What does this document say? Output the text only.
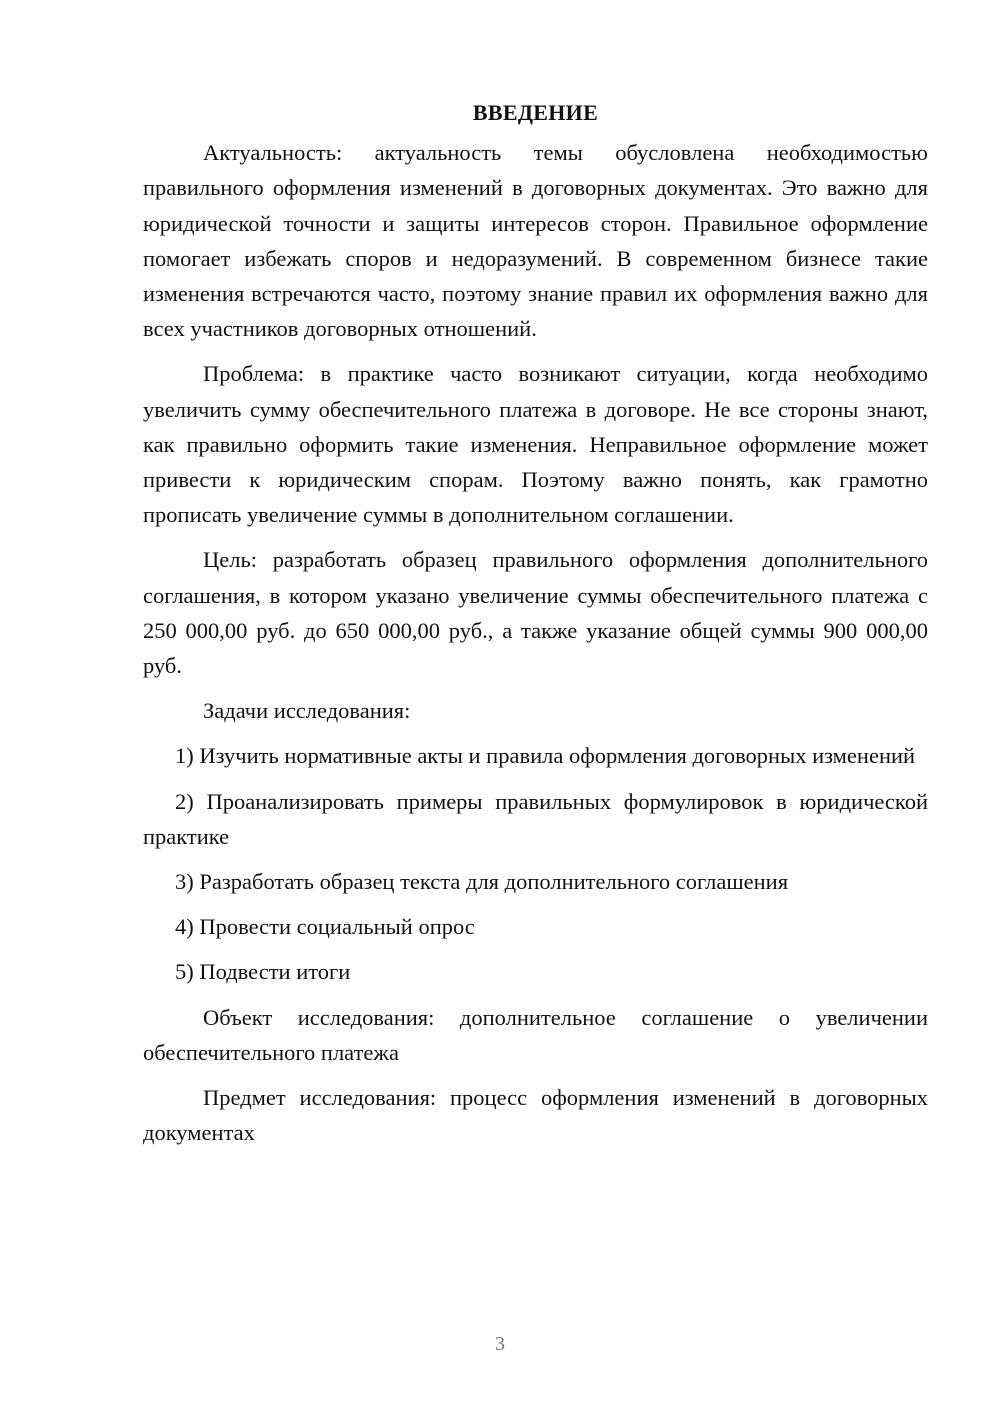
ВВЕДЕНИЕ

Актуальность: актуальность темы обусловлена необходимостью правильного оформления изменений в договорных документах. Это важно для юридической точности и защиты интересов сторон. Правильное оформление помогает избежать споров и недоразумений. В современном бизнесе такие изменения встречаются часто, поэтому знание правил их оформления важно для всех участников договорных отношений.

Проблема: в практике часто возникают ситуации, когда необходимо увеличить сумму обеспечительного платежа в договоре. Не все стороны знают, как правильно оформить такие изменения. Неправильное оформление может привести к юридическим спорам. Поэтому важно понять, как грамотно прописать увеличение суммы в дополнительном соглашении.

Цель: разработать образец правильного оформления дополнительного соглашения, в котором указано увеличение суммы обеспечительного платежа с 250 000,00 руб. до 650 000,00 руб., а также указание общей суммы 900 000,00 руб.

Задачи исследования:

1) Изучить нормативные акты и правила оформления договорных изменений

2) Проанализировать примеры правильных формулировок в юридической практике

3) Разработать образец текста для дополнительного соглашения

4) Провести социальный опрос

5) Подвести итоги

Объект исследования: дополнительное соглашение о увеличении обеспечительного платежа

Предмет исследования: процесс оформления изменений в договорных документах

3
